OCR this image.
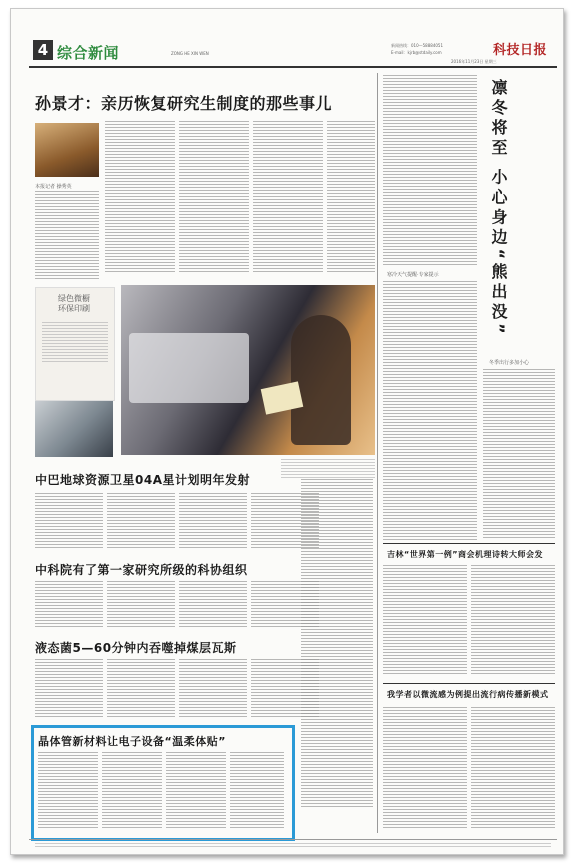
4 综合新闻	ZONG HE XIN WEN
新闻热线：010—58884051
E-mail：kjrb@stdaily.com	科技日报
2016年11月23日 星期三
孙景才：亲历恢复研究生制度的那些事儿
本报记者 操秀英
绿色微橱
环保印刷
中巴地球资源卫星04A星计划明年发射
中科院有了第一家研究所级的科协组织
液态菌5—60分钟内吞噬掉煤层瓦斯
晶体管新材料让电子设备“温柔体贴”
凛冬将至 小心身边“熊出没”
寒冷天气提醒·专家提示
冬季出行多加小心
吉林“世界第一例”商会机理诗转大师会发
我学者以微流感为例提出流行病传播新模式
